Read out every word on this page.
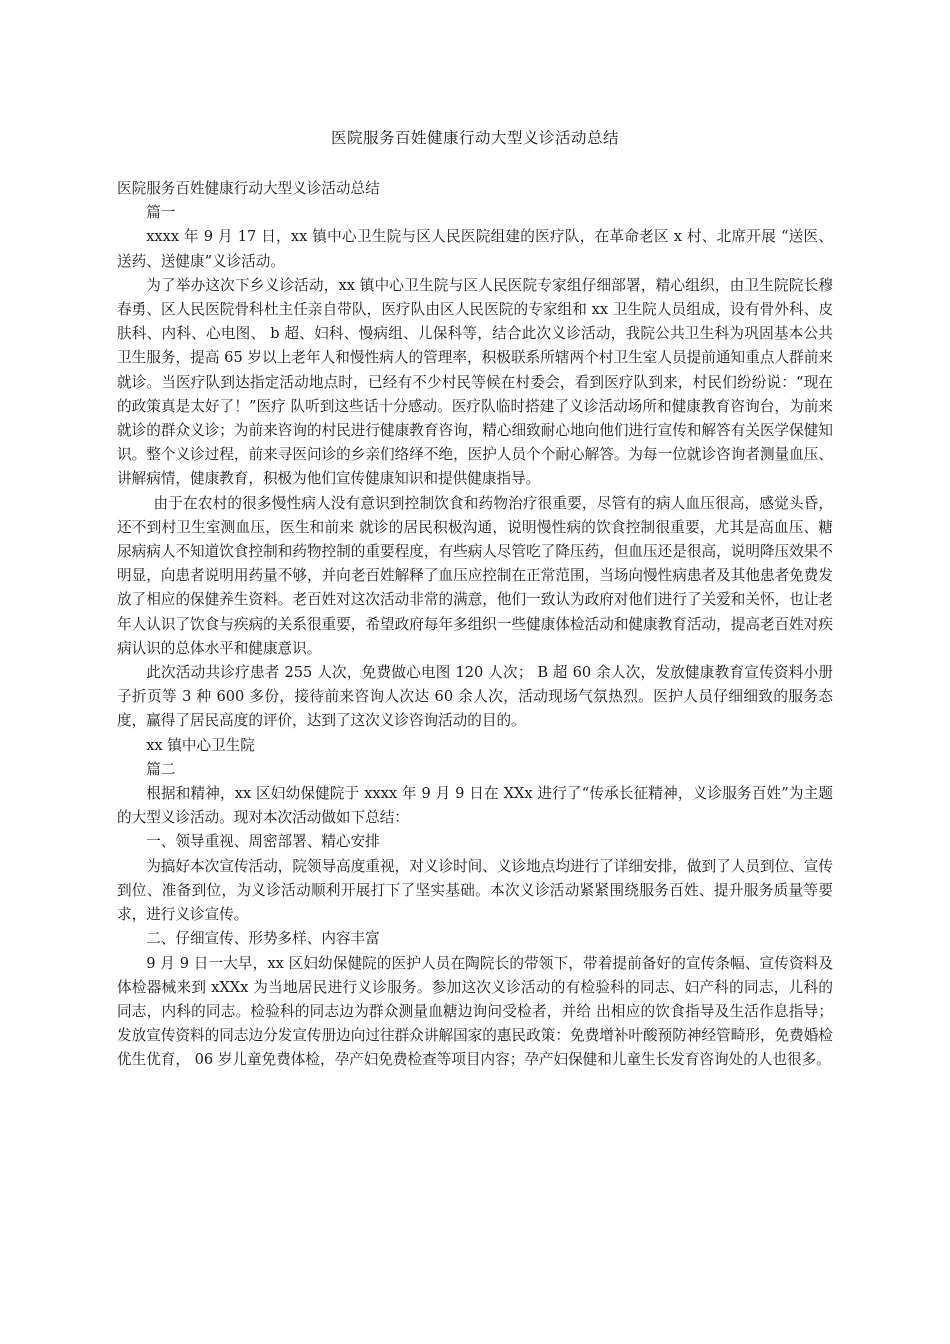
医院服务百姓健康行动大型义诊活动总结

医院服务百姓健康行动大型义诊活动总结

篇一

xxxx 年 9 月 17 日，xx 镇中心卫生院与区人民医院组建的医疗队，在革命老区 x 村、北席开展 “送医、送药、送健康”义诊活动。

为了举办这次下乡义诊活动，xx 镇中心卫生院与区人民医院专家组仔细部署，精心组织，由卫生院院长穆春勇、区人民医院骨科杜主任亲自带队，医疗队由区人民医院的专家组和 xx 卫生院人员组成，设有骨外科、皮肤科、内科、心电图、 b 超、妇科、慢病组、儿保科等，结合此次义诊活动，我院公共卫生科为巩固基本公共卫生服务，提高 65 岁以上老年人和慢性病人的管理率，积极联系所辖两个村卫生室人员提前通知重点人群前来就诊。当医疗队到达指定活动地点时，已经有不少村民等候在村委会，看到医疗队到来，村民们纷纷说：“现在的政策真是太好了！”医疗 队听到这些话十分感动。医疗队临时搭建了义诊活动场所和健康教育咨询台，为前来就诊的群众义诊；为前来咨询的村民进行健康教育咨询，精心细致耐心地向他们进行宣传和解答有关医学保健知识。整个义诊过程，前来寻医问诊的乡亲们络绎不绝，医护人员个个耐心解答。为每一位就诊咨询者测量血压、讲解病情，健康教育，积极为他们宣传健康知识和提供健康指导。

由于在农村的很多慢性病人没有意识到控制饮食和药物治疗很重要，尽管有的病人血压很高，感觉头昏，还不到村卫生室测血压，医生和前来 就诊的居民积极沟通，说明慢性病的饮食控制很重要，尤其是高血压、糖尿病病人不知道饮食控制和药物控制的重要程度，有些病人尽管吃了降压药，但血压还是很高，说明降压效果不明显，向患者说明用药量不够，并向老百姓解释了血压应控制在正常范围，当场向慢性病患者及其他患者免费发放了相应的保健养生资料。老百姓对这次活动非常的满意，他们一致认为政府对他们进行了关爱和关怀，也让老年人认识了饮食与疾病的关系很重要，希望政府每年多组织一些健康体检活动和健康教育活动，提高老百姓对疾病认识的总体水平和健康意识。

此次活动共诊疗患者 255 人次，免费做心电图 120 人次； B 超 60 余人次，发放健康教育宣传资料小册子折页等 3 种 600 多份，接待前来咨询人次达 60 余人次，活动现场气氛热烈。医护人员仔细细致的服务态度，赢得了居民高度的评价，达到了这次义诊咨询活动的目的。

xx 镇中心卫生院

篇二

根据和精神，xx 区妇幼保健院于 xxxx 年 9 月 9 日在 XXx 进行了“传承长征精神，义诊服务百姓”为主题的大型义诊活动。现对本次活动做如下总结：

一、领导重视、周密部署、精心安排

为搞好本次宣传活动，院领导高度重视，对义诊时间、义诊地点均进行了详细安排，做到了人员到位、宣传到位、准备到位，为义诊活动顺利开展打下了坚实基础。本次义诊活动紧紧围绕服务百姓、提升服务质量等要求，进行义诊宣传。

二、仔细宣传、形势多样、内容丰富

9 月 9 日一大早，xx 区妇幼保健院的医护人员在陶院长的带领下，带着提前备好的宣传条幅、宣传资料及体检器械来到 xXXx 为当地居民进行义诊服务。参加这次义诊活动的有检验科的同志、妇产科的同志，儿科的同志，内科的同志。检验科的同志边为群众测量血糖边询问受检者，并给 出相应的饮食指导及生活作息指导；发放宣传资料的同志边分发宣传册边向过往群众讲解国家的惠民政策：免费增补叶酸预防神经管畸形，免费婚检优生优育， 06 岁儿童免费体检，孕产妇免费检查等项目内容；孕产妇保健和儿童生长发育咨询处的人也很多。
